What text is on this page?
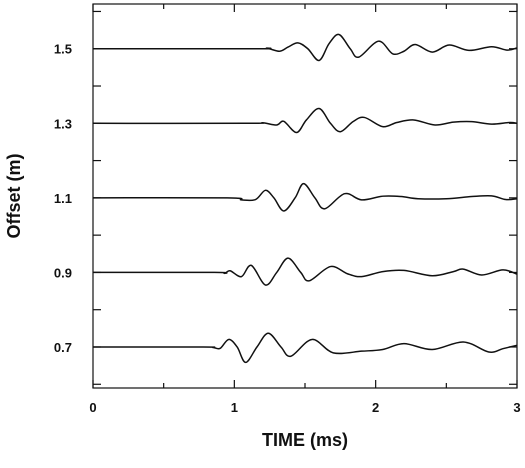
0	1	2	3
0.7
0.9
1.1
1.3
1.5
TIME (ms)
Offset (m)
